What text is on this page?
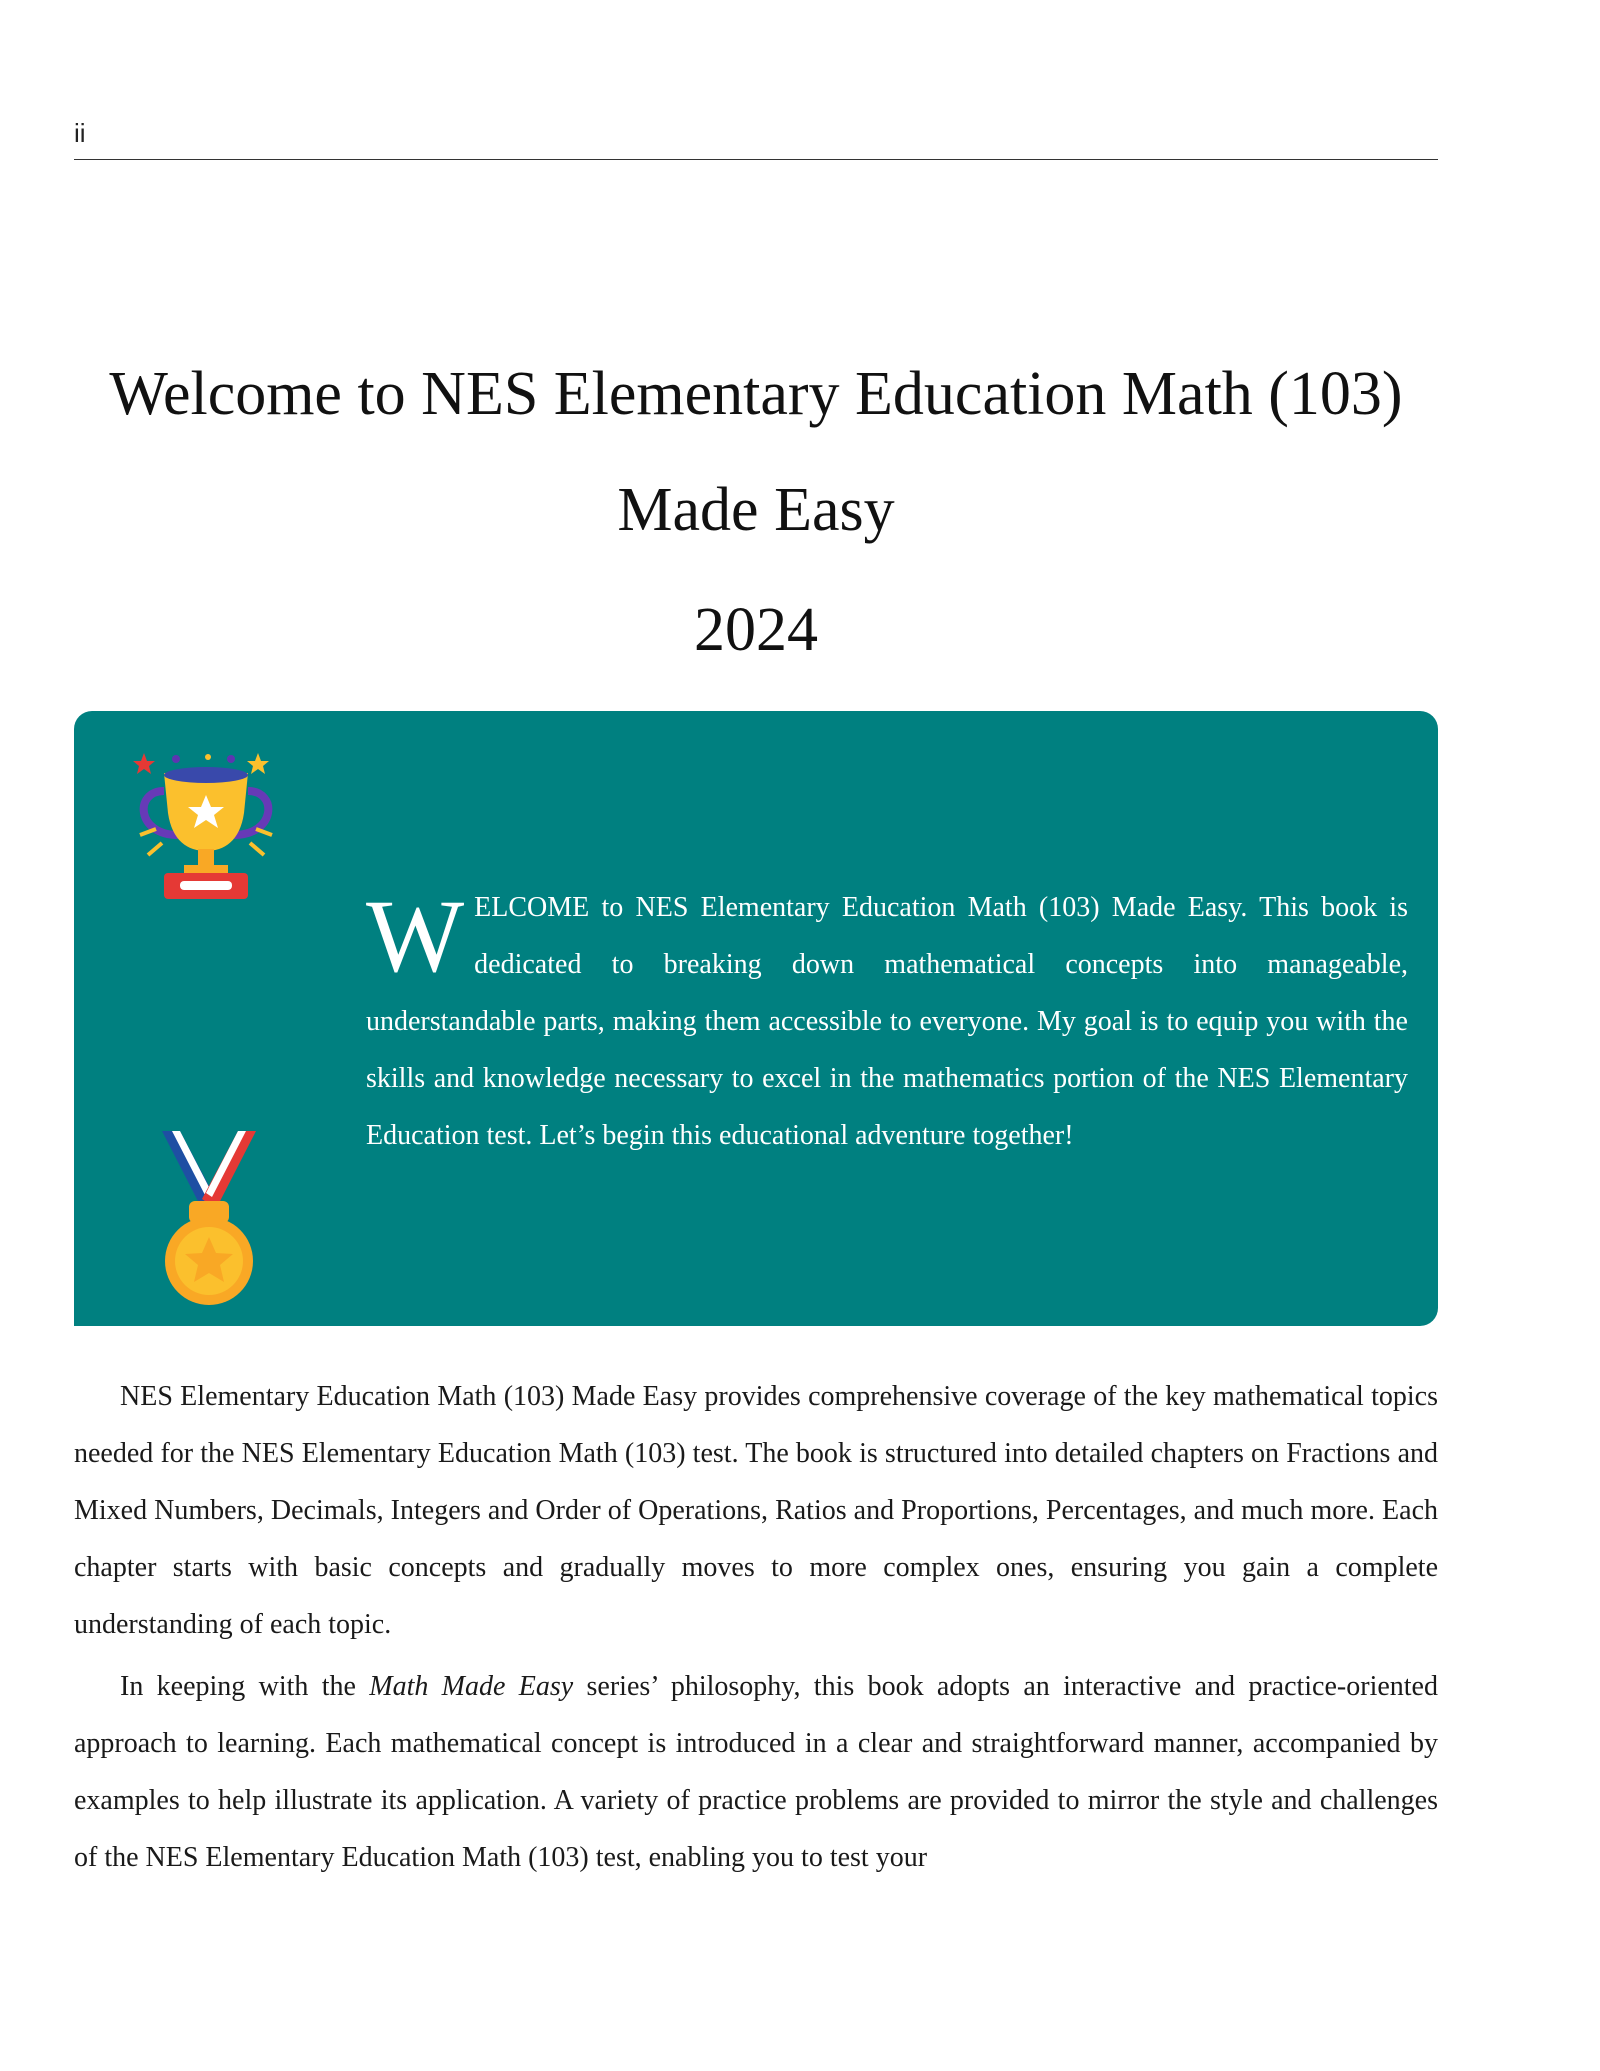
ii
Welcome to NES Elementary Education Math (103)
Made Easy
2024
WELCOME to NES Elementary Education Math (103) Made Easy. This book is dedicated to breaking down mathematical concepts into manageable, understandable parts, making them accessible to everyone. My goal is to equip you with the skills and knowledge necessary to excel in the mathematics portion of the NES Elementary Education test. Let’s begin this educational adventure together!

NES Elementary Education Math (103) Made Easy provides comprehensive coverage of the key mathematical topics needed for the NES Elementary Education Math (103) test. The book is structured into detailed chapters on Fractions and Mixed Numbers, Decimals, Integers and Order of Operations, Ratios and Proportions, Percentages, and much more. Each chapter starts with basic concepts and gradually moves to more complex ones, ensuring you gain a complete understanding of each topic.

In keeping with the Math Made Easy series’ philosophy, this book adopts an interactive and practice-oriented approach to learning. Each mathematical concept is introduced in a clear and straightforward manner, accompanied by examples to help illustrate its application. A variety of practice problems are provided to mirror the style and challenges of the NES Elementary Education Math (103) test, enabling you to test your
